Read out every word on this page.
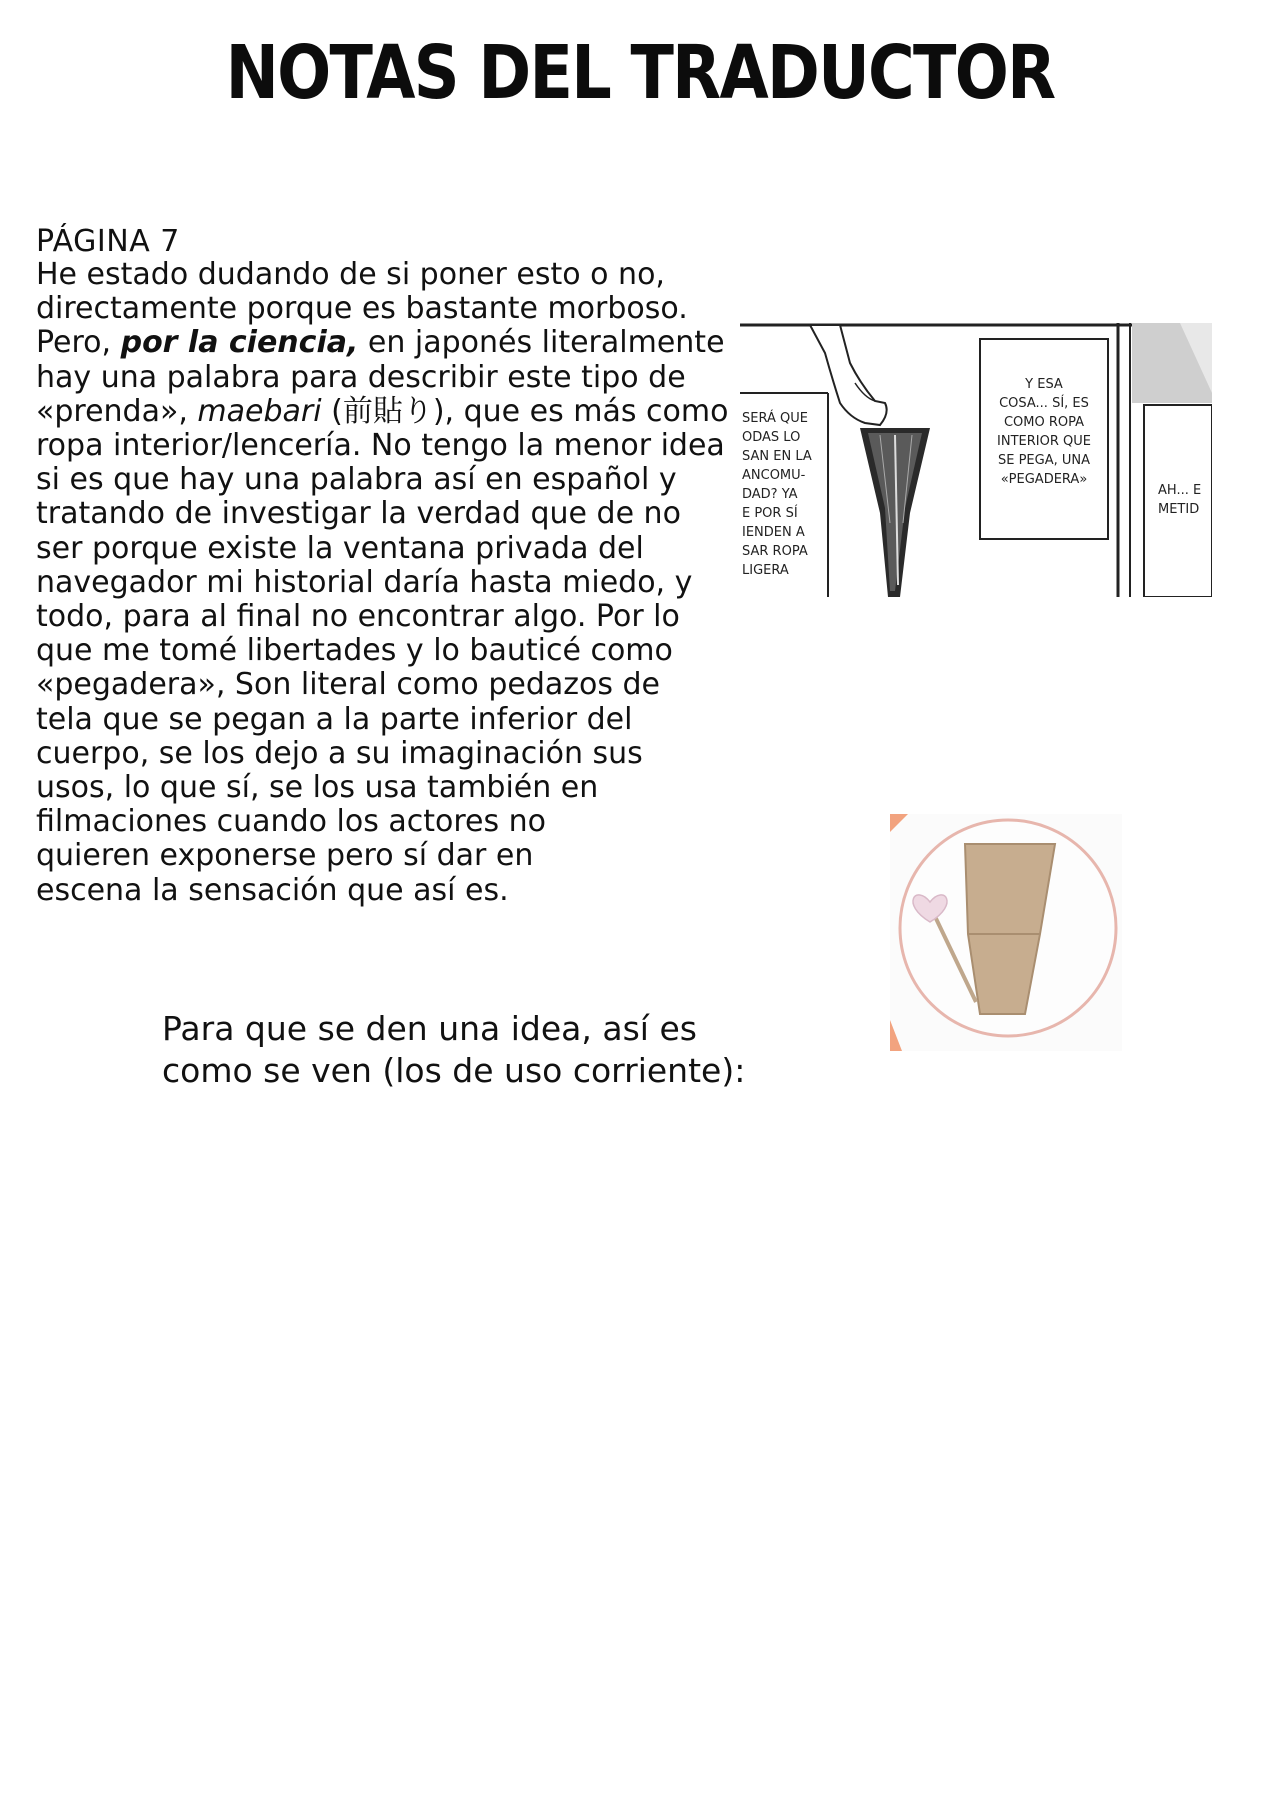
NOTAS DEL TRADUCTOR
PÁGINA 7
He estado dudando de si poner esto o no,
directamente porque es bastante morboso.
Pero, por la ciencia, en japonés literalmente
hay una palabra para describir este tipo de
«prenda», maebari (前貼り), que es más como
ropa interior/lencería. No tengo la menor idea
si es que hay una palabra así en español y
tratando de investigar la verdad que de no
ser porque existe la ventana privada del
navegador mi historial daría hasta miedo, y
todo, para al final no encontrar algo. Por lo
que me tomé libertades y lo bauticé como
«pegadera», Son literal como pedazos de
tela que se pegan a la parte inferior del
cuerpo, se los dejo a su imaginación sus
usos, lo que sí, se los usa también en
filmaciones cuando los actores no
quieren exponerse pero sí dar en
escena la sensación que así es.
SERÁ QUE
ODAS LO
SAN EN LA
ANCOMU-
DAD? YA
E POR SÍ
IENDEN A
SAR ROPA
LIGERA
Y ESA
COSA... SÍ, ES
COMO ROPA
INTERIOR QUE
SE PEGA, UNA
«PEGADERA»
AH... E
METID
Para que se den una idea, así es
como se ven (los de uso corriente):
